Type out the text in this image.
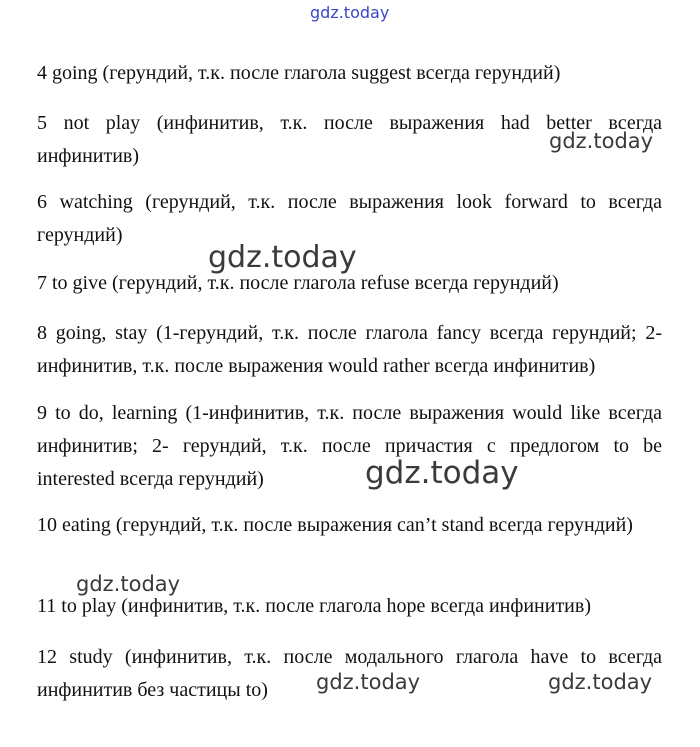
gdz.today
4 going (герундий, т.к. после глагола suggest всегда герундий)
5 not play (инфинитив, т.к. после выражения had better всегда инфинитив)
6 watching (герундий, т.к. после выражения look forward to всегда герундий)
7 to give (герундий, т.к. после глагола refuse всегда герундий)
8 going, stay (1-герундий, т.к. после глагола fancy всегда герундий; 2-инфинитив, т.к. после выражения would rather всегда инфинитив)
9 to do, learning (1-инфинитив, т.к. после выражения would like всегда инфинитив; 2- герундий, т.к. после причастия с предлогом to be interested всегда герундий)
10 eating (герундий, т.к. после выражения can’t stand всегда герундий)
11 to play (инфинитив, т.к. после глагола hope всегда инфинитив)
12 study (инфинитив, т.к. после модального глагола have to всегда инфинитив без частицы to)
gdz.today
gdz.today
gdz.today
gdz.today
gdz.today	gdz.today
